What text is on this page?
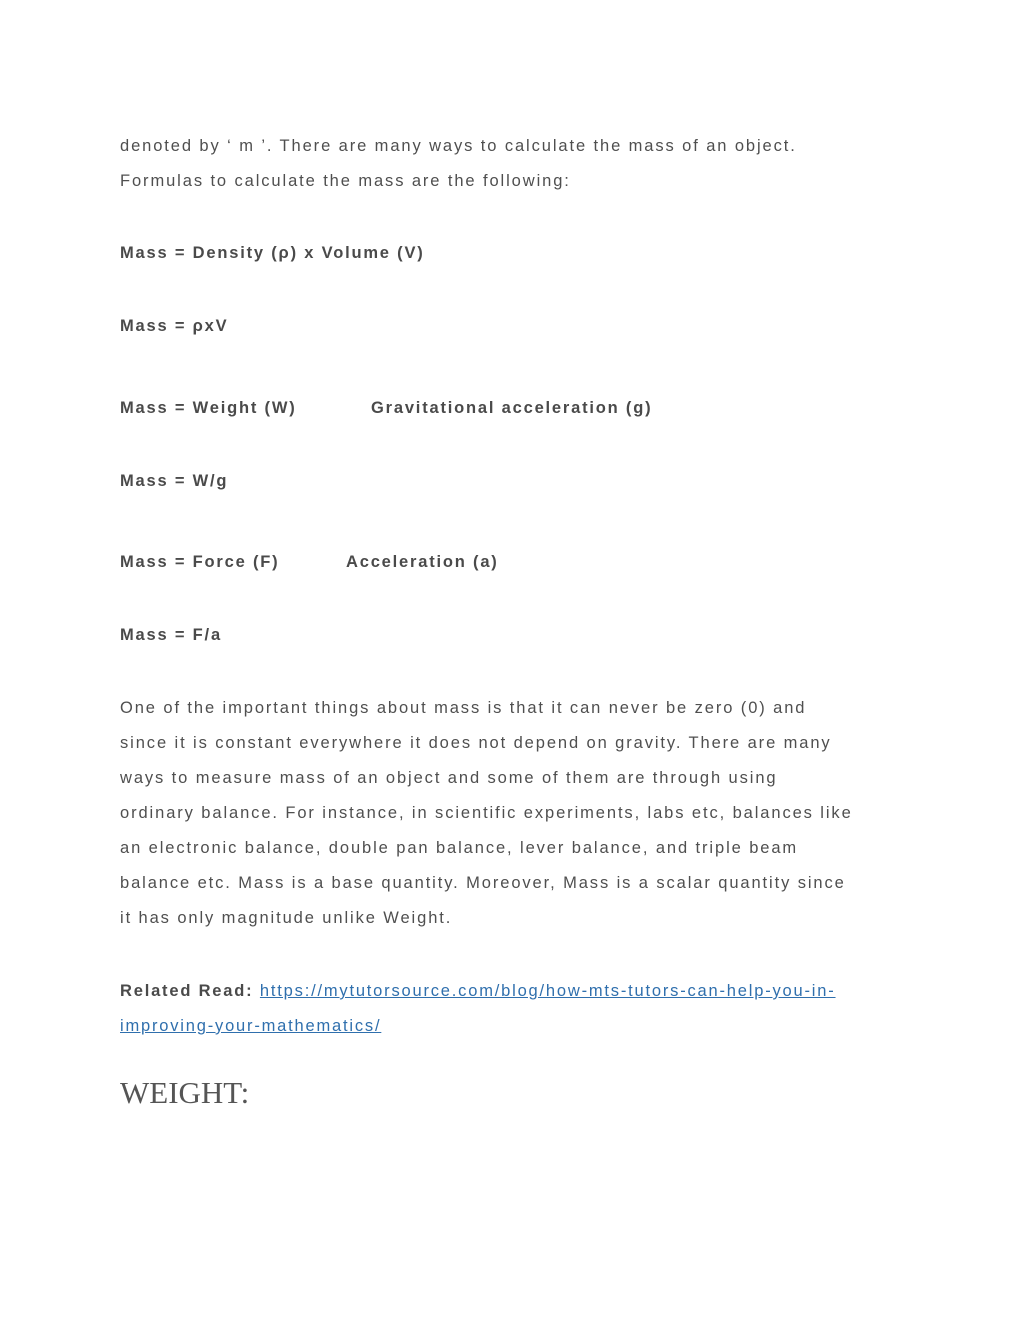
denoted by ‘ m ’. There are many ways to calculate the mass of an object.
Formulas to calculate the mass are the following:
Mass = Density (ρ) x Volume (V)
Mass = ρxV
Mass = Weight (W)	Gravitational acceleration (g)
Mass = W/g
Mass = Force (F)	Acceleration (a)
Mass = F/a
One of the important things about mass is that it can never be zero (0) and
since it is constant everywhere it does not depend on gravity. There are many
ways to measure mass of an object and some of them are through using
ordinary balance. For instance, in scientific experiments, labs etc, balances like
an electronic balance, double pan balance, lever balance, and triple beam
balance etc. Mass is a base quantity. Moreover, Mass is a scalar quantity since
it has only magnitude unlike Weight.
Related Read: https://mytutorsource.com/blog/how-mts-tutors-can-help-you-in-
improving-your-mathematics/
WEIGHT:
